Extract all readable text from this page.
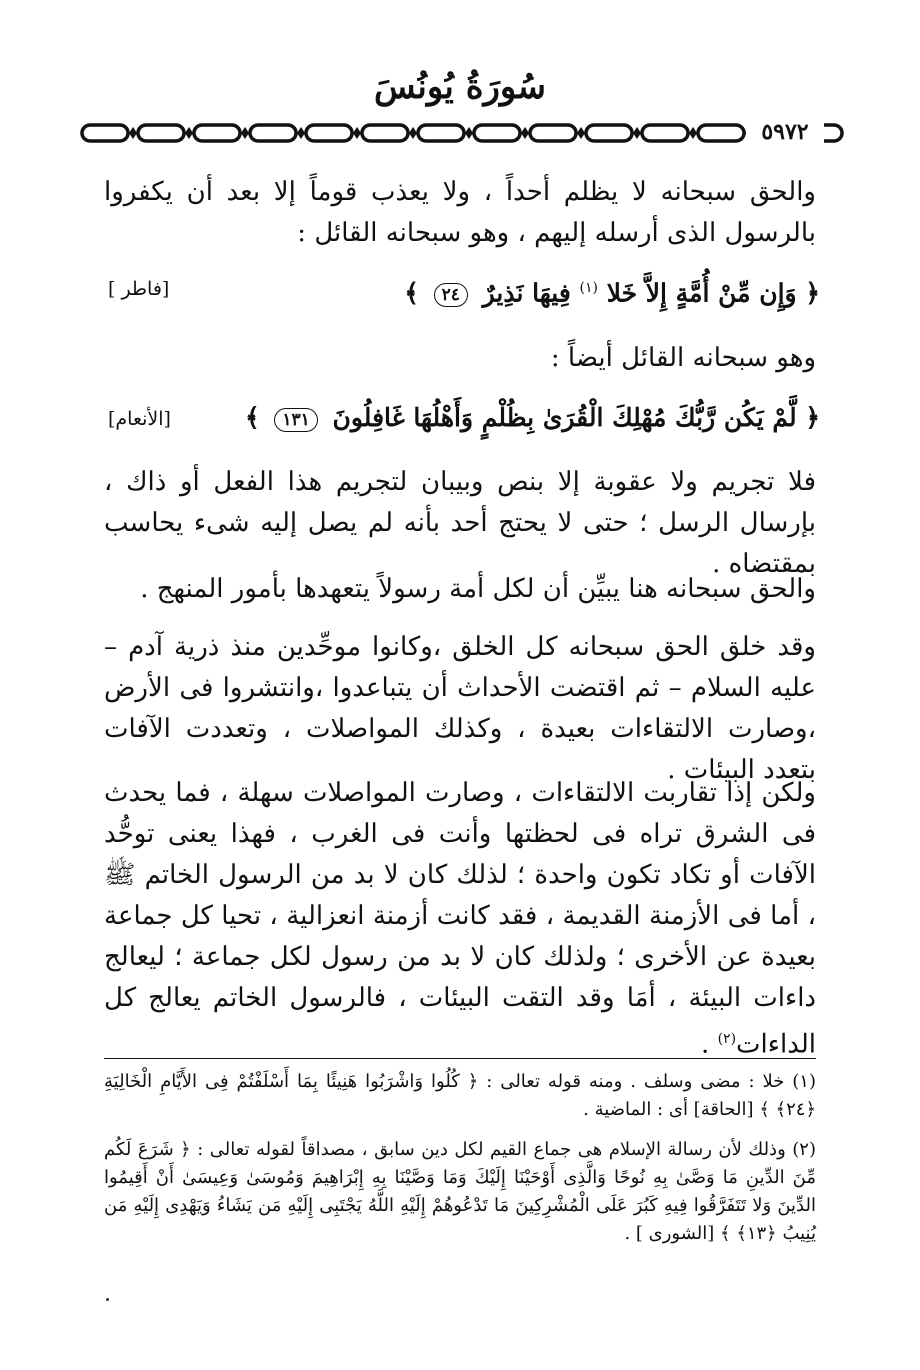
سُورَةُ يُونُسَ
٥٩٧٢
والحق سبحانه لا يظلم أحداً ، ولا يعذب قوماً إلا بعد أن يكفروا بالرسول الذى أرسله إليهم ، وهو سبحانه القائل :
﴿ وَإِن مِّنْ أُمَّةٍ إِلاَّ خَلا $^{(١)}$ فِيهَا نَذِيرٌ ٢٤ ﴾
[فاطر ]
وهو سبحانه القائل أيضاً :
﴿ لَّمْ يَكُن رَّبُّكَ مُهْلِكَ الْقُرَىٰ بِظُلْمٍ وَأَهْلُهَا غَافِلُونَ ١٣١ ﴾
[الأنعام]
فلا تجريم ولا عقوبة إلا بنص وبيبان لتجريم هذا الفعل أو ذاك ، بإرسال الرسل ؛ حتى لا يحتج أحد بأنه لم يصل إليه شىء يحاسب بمقتضاه .
والحق سبحانه هنا يبيِّن أن لكل أمة رسولاً يتعهدها بأمور المنهج .
وقد خلق الحق سبحانه كل الخلق ،وكانوا موحِّدين منذ ذرية آدم – عليه السلام – ثم اقتضت الأحداث أن يتباعدوا ،وانتشروا فى الأرض ،وصارت الالتقاءات بعيدة ، وكذلك المواصلات ، وتعددت الآفات بتعدد البيئات .
ولكن إذا تقاربت الالتقاءات ، وصارت المواصلات سهلة ، فما يحدث فى الشرق تراه فى لحظتها وأنت فى الغرب ، فهذا يعنى توحُّد الآفات أو تكاد تكون واحدة ؛ لذلك كان لا بد من الرسول الخاتم ﷺ ، أما فى الأزمنة القديمة ، فقد كانت أزمنة انعزالية ، تحيا كل جماعة بعيدة عن الأخرى ؛ ولذلك كان لا بد من رسول لكل جماعة ؛ ليعالج داءات البيئة ، أمَا وقد التقت البيئات ، فالرسول الخاتم يعالج كل الداءات$^{(٢)}$ .
(١) خلا : مضى وسلف . ومنه قوله تعالى : ﴿ كُلُوا وَاشْرَبُوا هَنِيئًا بِمَا أَسْلَفْتُمْ فِى الأَيَّامِ الْخَالِيَةِ ﴿٢٤﴾ ﴾ [الحاقة] أى : الماضية .
(٢) وذلك لأن رسالة الإسلام هى جماع القيم لكل دين سابق ، مصداقاً لقوله تعالى : ﴿ شَرَعَ لَكُم مِّنَ الدِّينِ مَا وَصَّىٰ بِهِ نُوحًا وَالَّذِى أَوْحَيْنَا إِلَيْكَ وَمَا وَصَّيْنَا بِهِ إِبْرَاهِيمَ وَمُوسَىٰ وَعِيسَىٰ أَنْ أَقِيمُوا الدِّينَ وَلا تَتَفَرَّقُوا فِيهِ كَبُرَ عَلَى الْمُشْرِكِينَ مَا تَدْعُوهُمْ إِلَيْهِ اللَّهُ يَجْتَبِى إِلَيْهِ مَن يَشَاءُ وَيَهْدِى إِلَيْهِ مَن يُنِيبُ ﴿١٣﴾ ﴾ [الشورى ] .
